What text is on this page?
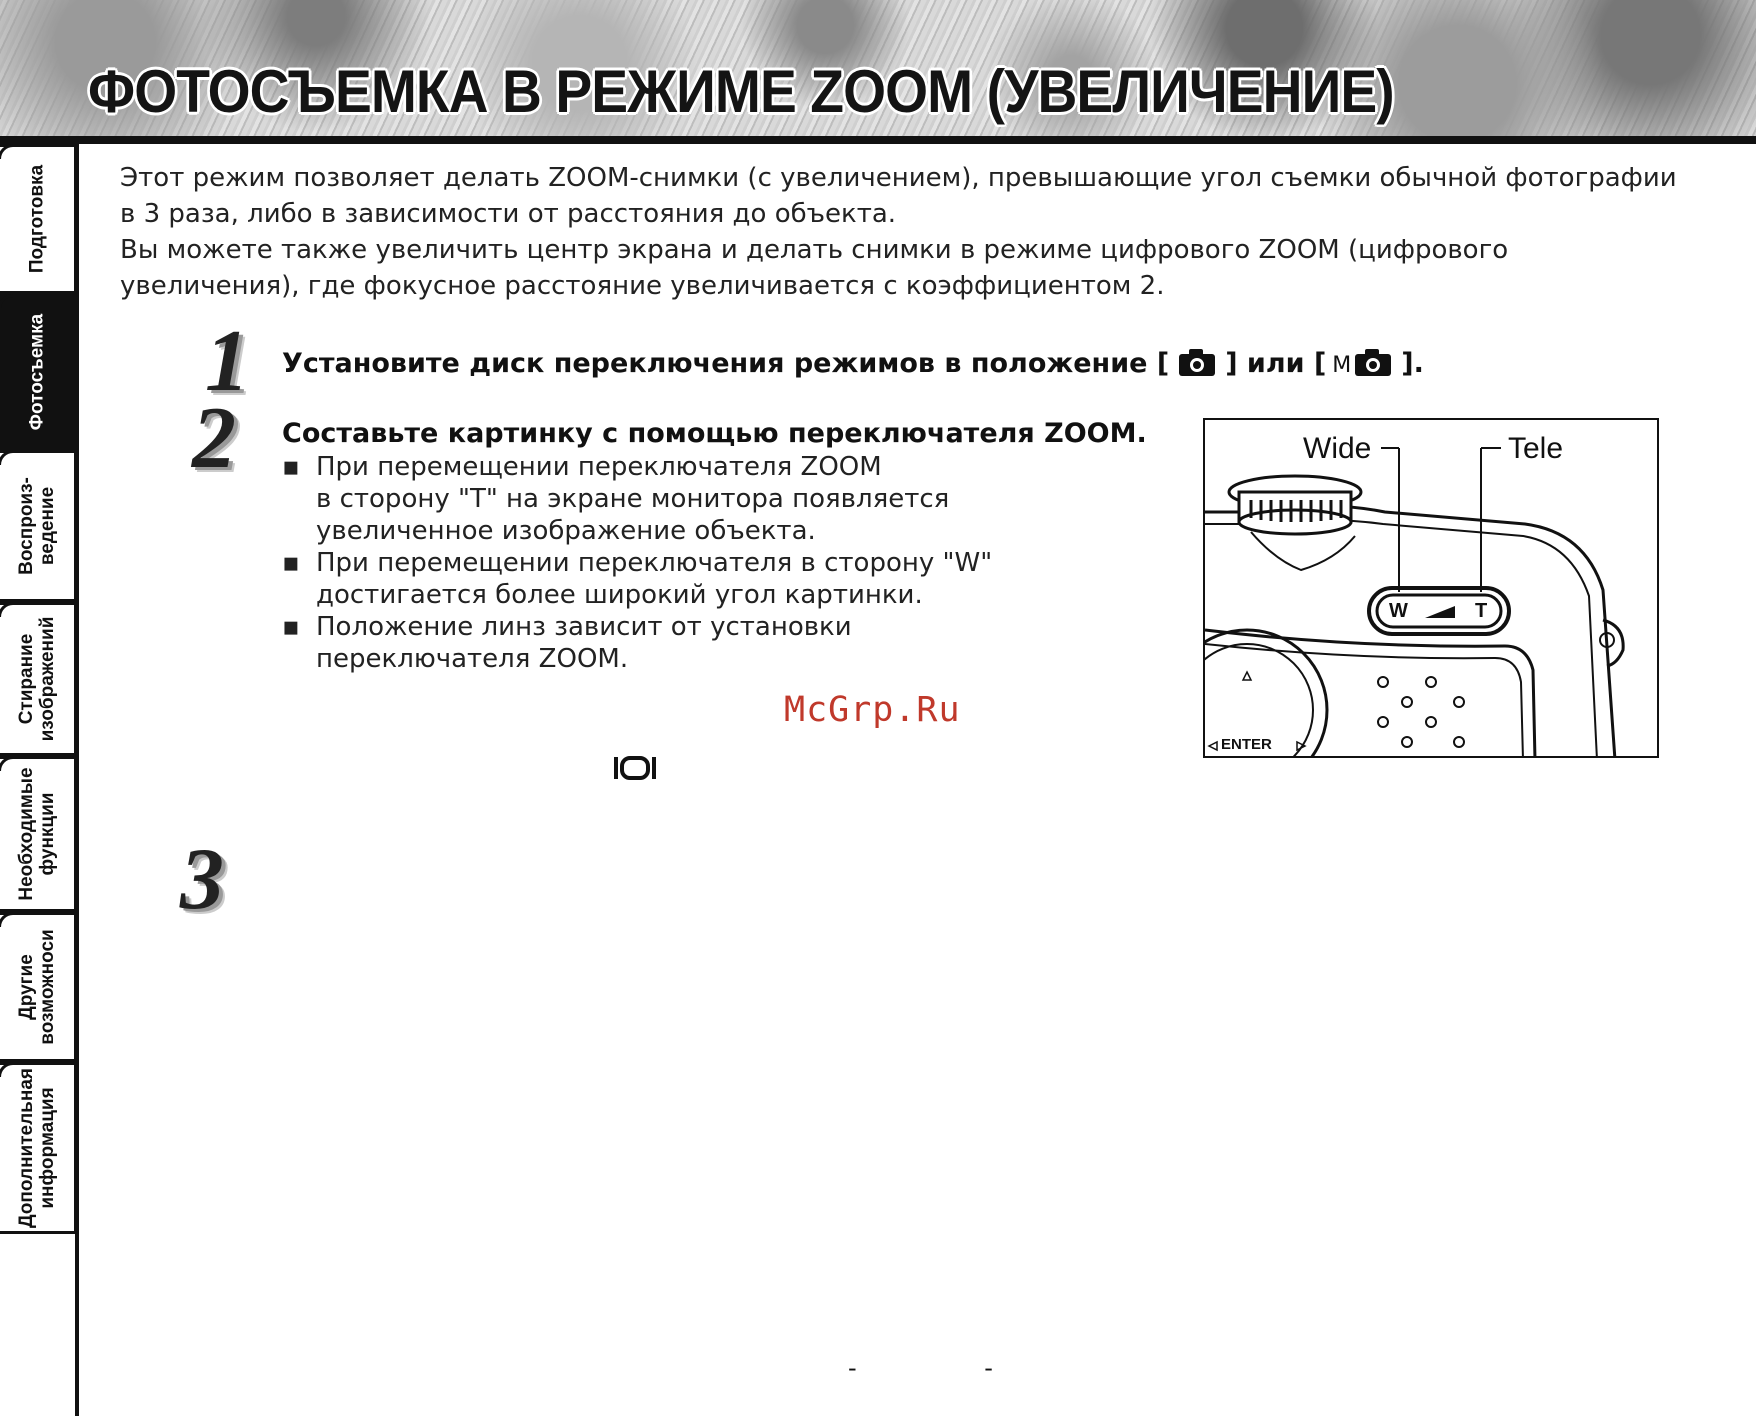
ФОТОСЪЕМКА В РЕЖИМЕ ZOOM (УВЕЛИЧЕНИЕ)
Подготовка
Фотосъемка
Воспроиз-
ведение
Стирание
изображений
Необходимые
функции
Другие
возможноси
Дополнительная
информация

Этот режим позволяет делать ZOOM-снимки (с увеличением), превышающие угол съемки обычной фотографии в 3 раза, либо в зависимости от расстояния до объекта.

Вы можете также увеличить центр экрана и делать снимки в режиме цифрового ZOOM (цифрового увеличения), где фокусное расстояние увеличивается с коэффициентом 2.

1
2
3
Установите диск переключения режимов в положение [ ] или [ M ].
Составьте картинку с помощью переключателя ZOOM.
▪ При перемещении переключателя ZOOM
в сторону "T" на экране монитора появляется
увеличенное изображение объекта.
▪ При перемещении переключателя в сторону "W"
достигается более широкий угол картинки.
▪ Положение линз зависит от установки
переключателя ZOOM.
McGrp.Ru
Wide	Tele
W	T
ENTER
- -
